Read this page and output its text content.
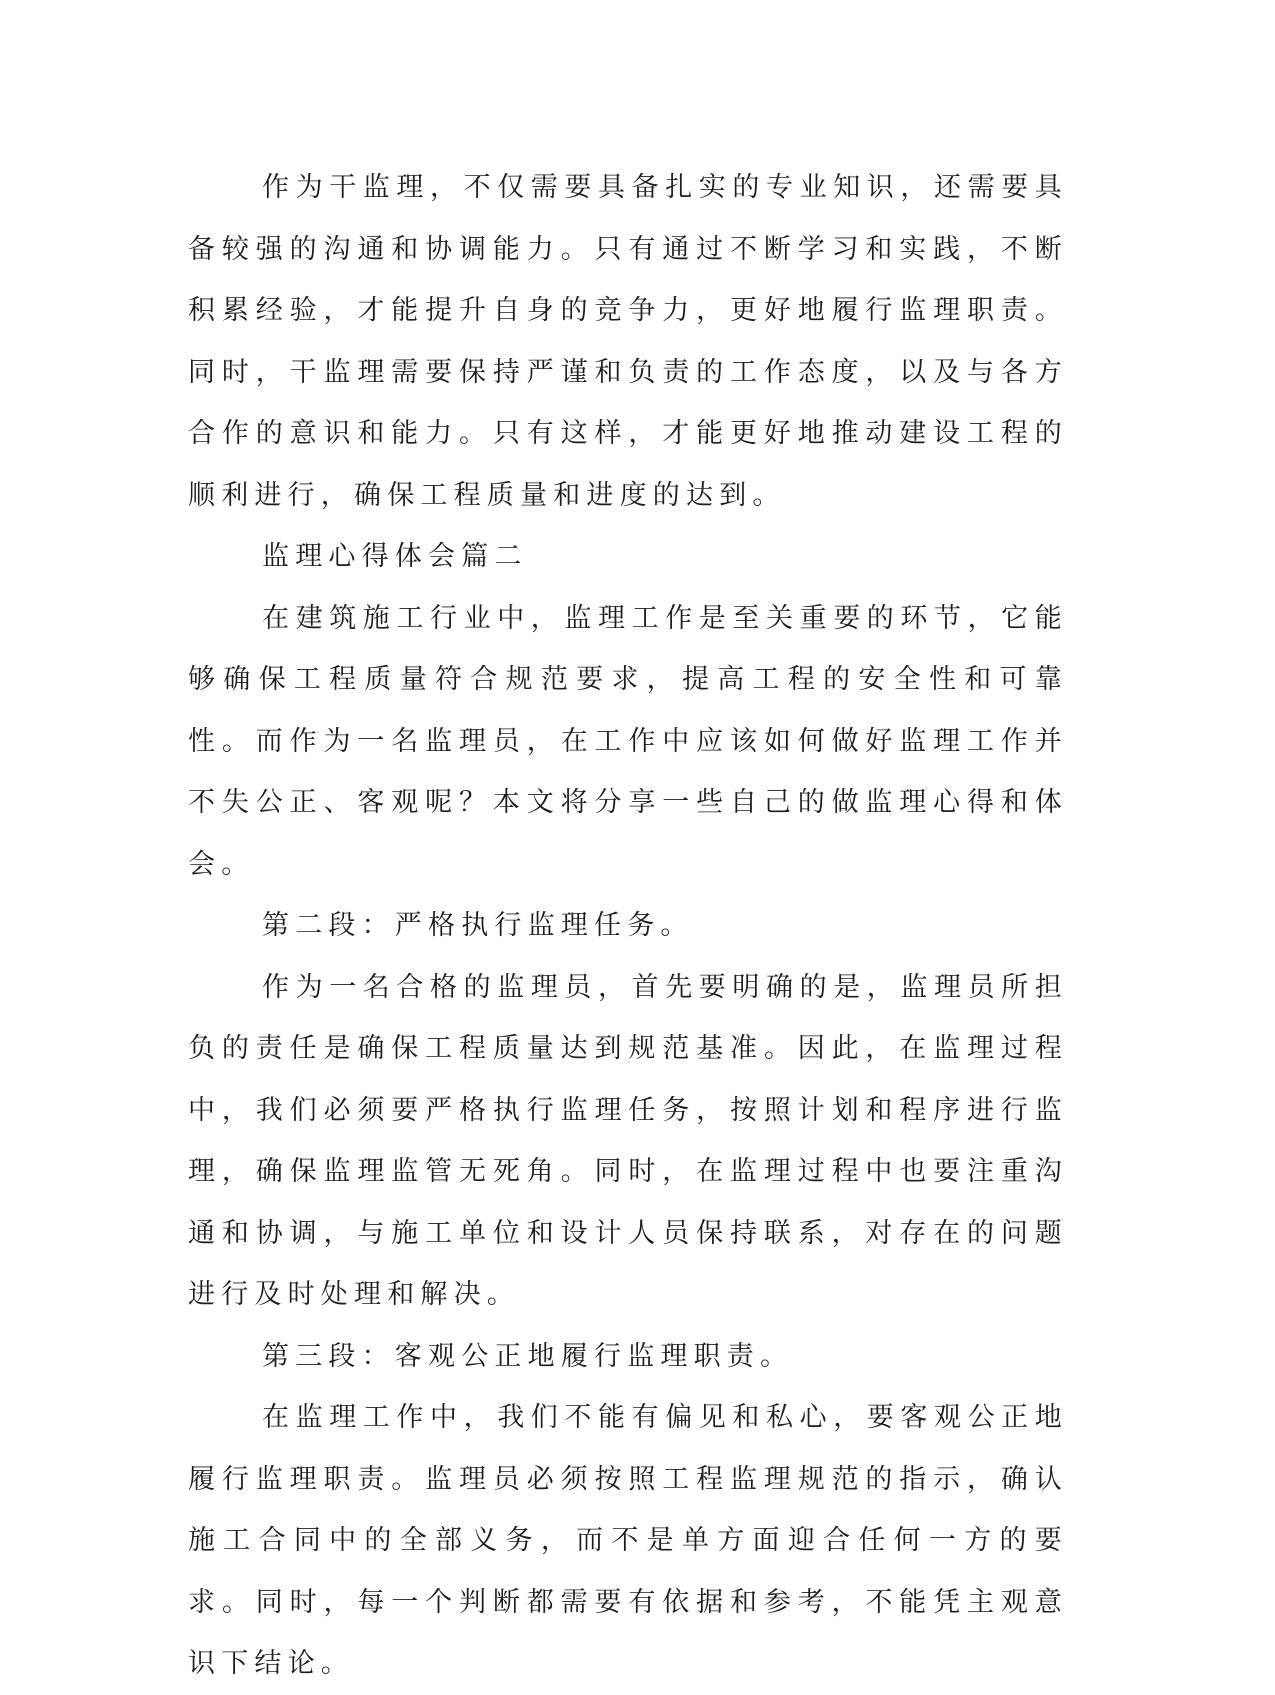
作为干监理，不仅需要具备扎实的专业知识，还需要具备较强的沟通和协调能力。只有通过不断学习和实践，不断积累经验，才能提升自身的竞争力，更好地履行监理职责。同时，干监理需要保持严谨和负责的工作态度，以及与各方合作的意识和能力。只有这样，才能更好地推动建设工程的顺利进行，确保工程质量和进度的达到。

监理心得体会篇二

在建筑施工行业中，监理工作是至关重要的环节，它能够确保工程质量符合规范要求，提高工程的安全性和可靠性。而作为一名监理员，在工作中应该如何做好监理工作并不失公正、客观呢？本文将分享一些自己的做监理心得和体会。

第二段：严格执行监理任务。

作为一名合格的监理员，首先要明确的是，监理员所担负的责任是确保工程质量达到规范基准。因此，在监理过程中，我们必须要严格执行监理任务，按照计划和程序进行监理，确保监理监管无死角。同时，在监理过程中也要注重沟通和协调，与施工单位和设计人员保持联系，对存在的问题进行及时处理和解决。

第三段：客观公正地履行监理职责。

在监理工作中，我们不能有偏见和私心，要客观公正地履行监理职责。监理员必须按照工程监理规范的指示，确认施工合同中的全部义务，而不是单方面迎合任何一方的要求。同时，每一个判断都需要有依据和参考，不能凭主观意识下结论。
